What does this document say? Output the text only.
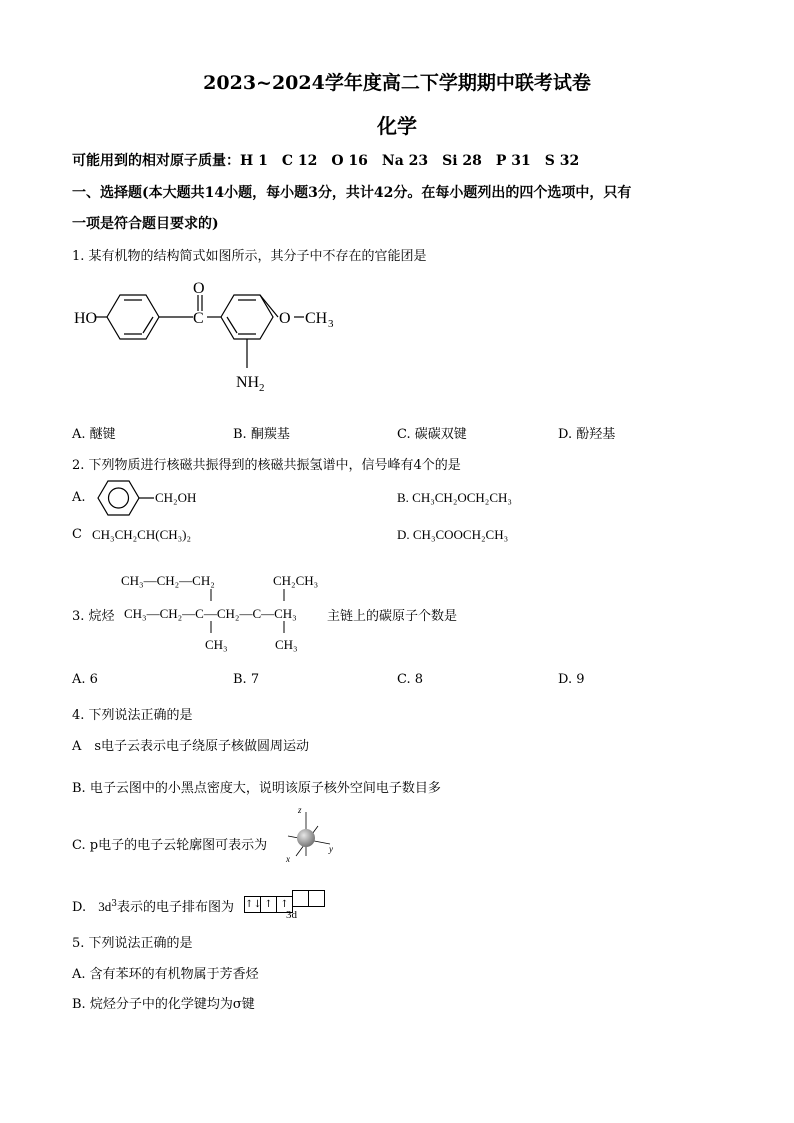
2023~2024学年度高二下学期期中联考试卷
化学
可能用到的相对原子质量：H 1　C 12　O 16　Na 23　Si 28　P 31　S 32
一、选择题(本大题共14小题，每小题3分，共计42分。在每小题列出的四个选项中，只有
一项是符合题目要求的)
1. 某有机物的结构简式如图所示，其分子中不存在的官能团是
HO
O
C	O CH 3
NH 2
A. 醚键	B. 酮羰基	C. 碳碳双键	D. 酚羟基
2. 下列物质进行核磁共振得到的核磁共振氢谱中，信号峰有4个的是
A.	CH₂OH	B. CH₃CH₂OCH₂CH₃
C CH₃CH₂CH(CH₃)₂	D. CH₃COOCH₂CH₃
CH₃—CH₂—CH₂	CH₂CH₃
3. 烷烃 CH₃—CH₂—C—CH₂—C—CH₃ 主链上的碳原子个数是
CH₃	CH₃
A. 6	B. 7	C. 8	D. 9
4. 下列说法正确的是
A　s电子云表示电子绕原子核做圆周运动
B. 电子云图中的小黑点密度大，说明该原子核外空间电子数目多
C. p电子的电子云轮廓图可表示为
z
y
x
D. $3d^3$表示的电子排布图为 ↑↓ ↑ ↑
3d
5. 下列说法正确的是
A. 含有苯环的有机物属于芳香烃
B. 烷烃分子中的化学键均为σ键
